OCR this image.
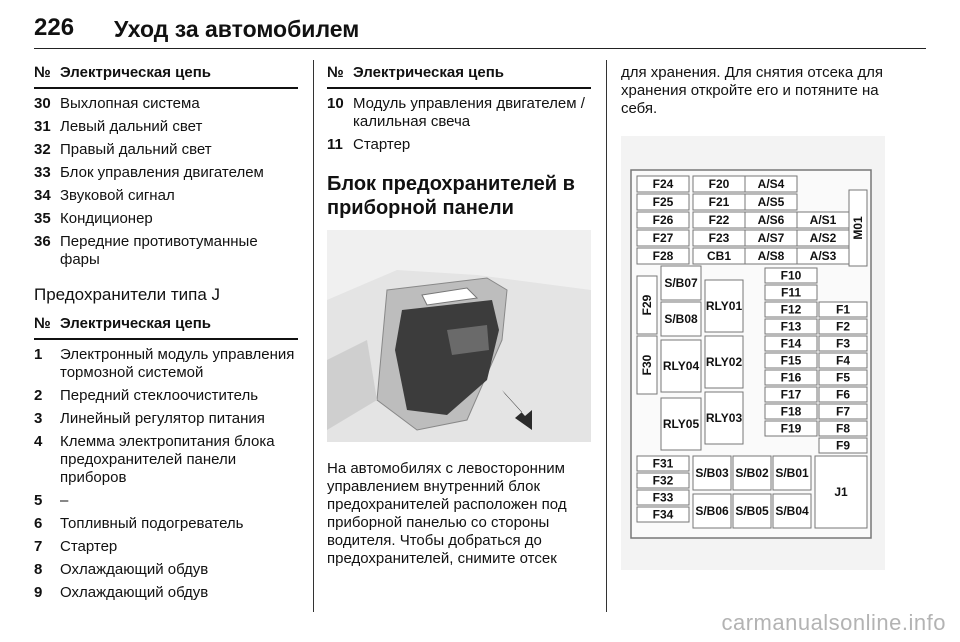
226 Уход за автомобилем
№ Электрическая цепь
30 Выхлопная система
31 Левый дальний свет
32 Правый дальний свет
33 Блок управления двигателем
34 Звуковой сигнал
35 Кондиционер
36 Передние противотуманные фары
Предохранители типа J
№ Электрическая цепь
1	Электронный модуль управления тормозной системой
2	Передний стеклоочиститель
3	Линейный регулятор питания
4	Клемма электропитания блока предохранителей панели приборов
5	–
6	Топливный подогреватель
7	Стартер
8	Охлаждающий обдув
9	Охлаждающий обдув
№ Электрическая цепь
10 Модуль управления двигателем / калильная свеча
11 Стартер
Блок предохранителей в приборной панели
На автомобилях с левосторонним управлением внутренний блок предохранителей расположен под приборной панелью со стороны водителя. Чтобы добраться до предохранителей, снимите отсек
для хранения. Для снятия отсека для хранения откройте его и потяните на себя.
F24	F20 A/S4
F25	F21 A/S5
F26	F22 A/S6 A/S1
F27	F23 A/S7 A/S2
F28	CB1 A/S8 A/S3
M01
F29
F30
S/B07
S/B08
RLY01
RLY02
RLY03
RLY04
RLY05
F10
F11
F12
F13
F14
F15
F16
F17
F18
F19
F1
F2
F3
F4
F5
F6
F7
F8
F9
F31
F32
F33
F34
S/B03 S/B02 S/B01
S/B06 S/B05 S/B04
J1
carmanualsonline.info
